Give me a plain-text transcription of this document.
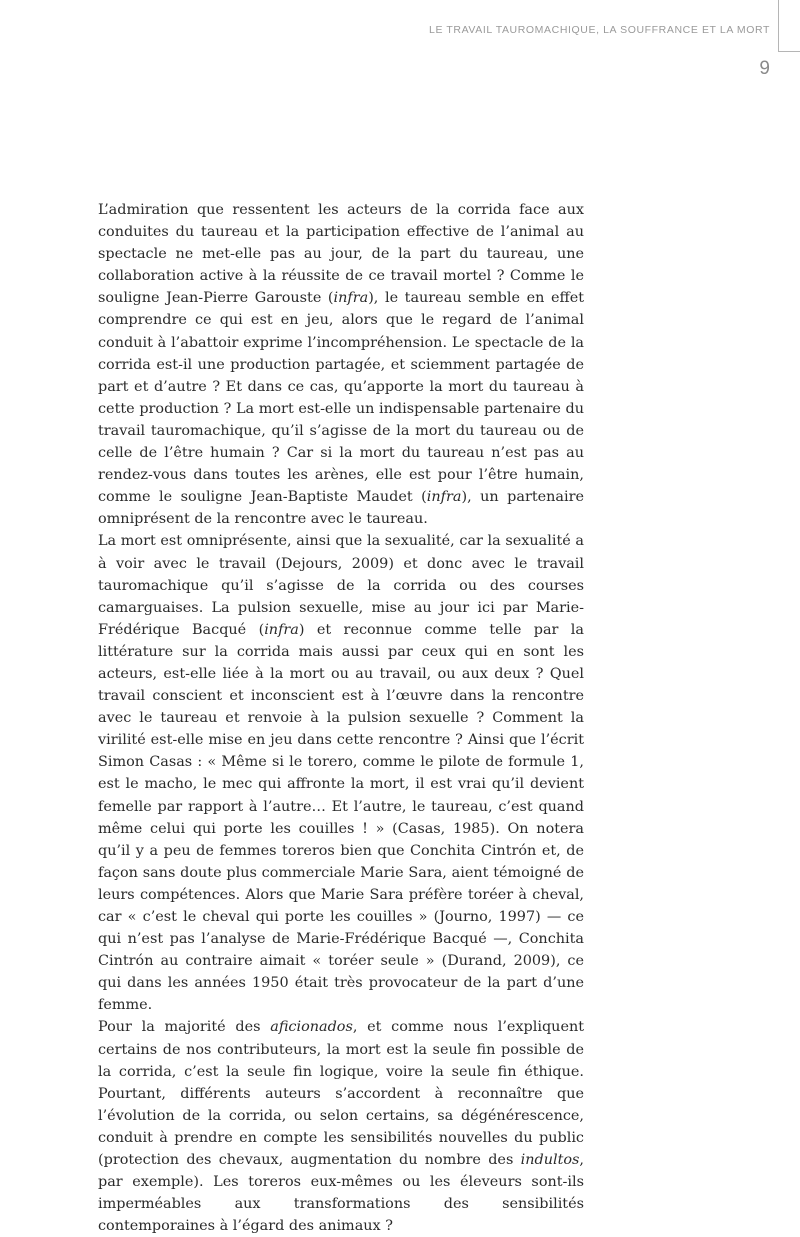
LE TRAVAIL TAUROMACHIQUE, LA SOUFFRANCE ET LA MORT
9

L’admiration que ressentent les acteurs de la corrida face aux conduites du taureau et la participation effective de l’animal au spectacle ne met-elle pas au jour, de la part du taureau, une collaboration active à la réussite de ce travail mortel ? Comme le souligne Jean-Pierre Garouste (infra), le taureau semble en effet comprendre ce qui est en jeu, alors que le regard de l’animal conduit à l’abattoir exprime l’incompréhension. Le spectacle de la corrida est-il une production partagée, et sciemment partagée de part et d’autre ? Et dans ce cas, qu’apporte la mort du taureau à cette production ? La mort est-elle un indispensable partenaire du travail tauromachique, qu’il s’agisse de la mort du taureau ou de celle de l’être humain ? Car si la mort du taureau n’est pas au rendez-vous dans toutes les arènes, elle est pour l’être humain, comme le souligne Jean-Baptiste Maudet (infra), un partenaire omniprésent de la rencontre avec le taureau.

La mort est omniprésente, ainsi que la sexualité, car la sexualité a à voir avec le travail (Dejours, 2009) et donc avec le travail tauromachique qu’il s’agisse de la corrida ou des courses camarguaises. La pulsion sexuelle, mise au jour ici par Marie-Frédérique Bacqué (infra) et reconnue comme telle par la littérature sur la corrida mais aussi par ceux qui en sont les acteurs, est-elle liée à la mort ou au travail, ou aux deux ? Quel travail conscient et inconscient est à l’œuvre dans la rencontre avec le taureau et renvoie à la pulsion sexuelle ? Comment la virilité est-elle mise en jeu dans cette rencontre ? Ainsi que l’écrit Simon Casas : « Même si le torero, comme le pilote de formule 1, est le macho, le mec qui affronte la mort, il est vrai qu’il devient femelle par rapport à l’autre… Et l’autre, le taureau, c’est quand même celui qui porte les couilles ! » (Casas, 1985). On notera qu’il y a peu de femmes toreros bien que Conchita Cintrón et, de façon sans doute plus commerciale Marie Sara, aient témoigné de leurs compétences. Alors que Marie Sara préfère toréer à cheval, car « c’est le cheval qui porte les couilles » (Journo, 1997) — ce qui n’est pas l’analyse de Marie-Frédérique Bacqué —, Conchita Cintrón au contraire aimait « toréer seule » (Durand, 2009), ce qui dans les années 1950 était très provocateur de la part d’une femme.

Pour la majorité des aficionados, et comme nous l’expliquent certains de nos contributeurs, la mort est la seule fin possible de la corrida, c’est la seule fin logique, voire la seule fin éthique. Pourtant, différents auteurs s’accordent à reconnaître que l’évolution de la corrida, ou selon certains, sa dégénérescence, conduit à prendre en compte les sensibilités nouvelles du public (protection des chevaux, augmentation du nombre des indultos, par exemple). Les toreros eux-mêmes ou les éleveurs sont-ils imperméables aux transformations des sensibilités contemporaines à l’égard des animaux ?
